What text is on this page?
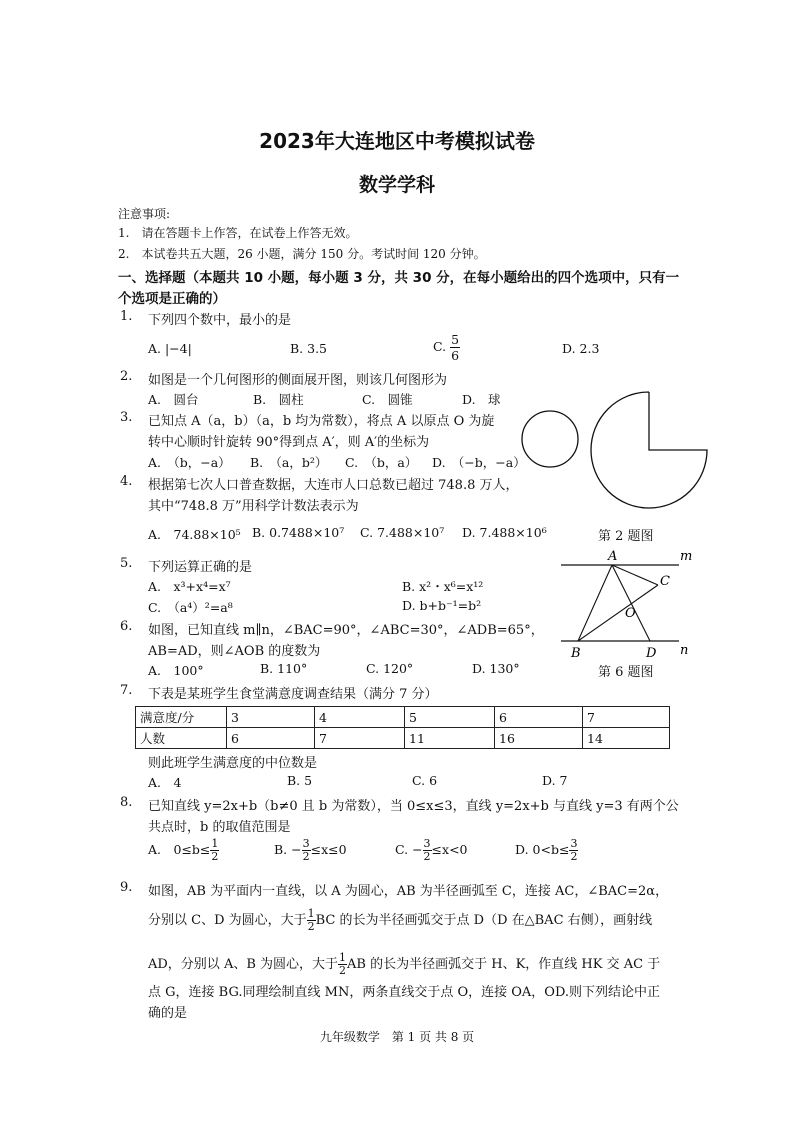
2023年大连地区中考模拟试卷
数学学科
注意事项:
1.　请在答题卡上作答，在试卷上作答无效。
2.　本试卷共五大题，26 小题，满分 150 分。考试时间 120 分钟。
一、选择题（本题共 10 小题，每小题 3 分，共 30 分，在每小题给出的四个选项中，只有一
个选项是正确的）
1. 下列四个数中，最小的是
A. |−4|	B. 3.5	C. $\frac{5}{6}$	D. 2.3
2. 如图是一个几何图形的侧面展开图，则该几何图形为
A.　圆台	B.　圆柱	C.　圆锥	D.　球
3. 已知点 A（a，b）（a，b 均为常数），将点 A 以原点 O 为旋
转中心顺时针旋转 90°得到点 A′，则 A′的坐标为
A.　（b，−a） B.　（a，b²） C.　（b，a） D.　（−b，−a）
第 2 题图
4. 根据第七次人口普查数据，大连市人口总数已超过 748.8 万人，
其中“748.8 万”用科学计数法表示为
A.　74.88×10⁵ B. 0.7488×10⁷ C. 7.488×10⁷ D. 7.488×10⁶
5. 下列运算正确的是
A.　x³+x⁴=x⁷	B. x²・x⁶=x¹²
C.　（a⁴）²=a⁸	D. b+b⁻¹=b²
6. 如图，已知直线 m∥n，∠BAC=90°，∠ABC=30°，∠ADB=65°，
AB=AD，则∠AOB 的度数为
A.　100°	B. 110°	C. 120°	D. 130°
A	m
C
O
B	D n
第 6 题图
7. 下表是某班学生食堂满意度调查结果（满分 7 分）
满意度/分	3	4	5	6	7
人数	6	7	11	16	14
则此班学生满意度的中位数是
A.　4	B. 5	C. 6	D. 7
8. 已知直线 y=2x+b（b≠0 且 b 为常数），当 0≤x≤3，直线 y=2x+b 与直线 y=3 有两个公
共点时，b 的取值范围是
A.　$0\le b\le \frac{1}{2}$	B. − $\frac{3}{2} \le x\le 0$	C. − $\frac{3}{2} \le x<0$	D. $0<b\le \frac{3}{2}$
9. 如图，AB 为平面内一直线，以 A 为圆心，AB 为半径画弧至 C，连接 AC，∠BAC=2α，
分别以 C、D 为圆心，大于 $\frac{1}{2}$ BC 的长为半径画弧交于点 D（D 在△BAC 右侧），画射线
AD，分别以 A、B 为圆心，大于 $\frac{1}{2}$ AB 的长为半径画弧交于 H、K，作直线 HK 交 AC 于
点 G，连接 BG.同理绘制直线 MN，两条直线交于点 O，连接 OA，OD.则下列结论中正
确的是
九年级数学　第 1 页 共 8 页
